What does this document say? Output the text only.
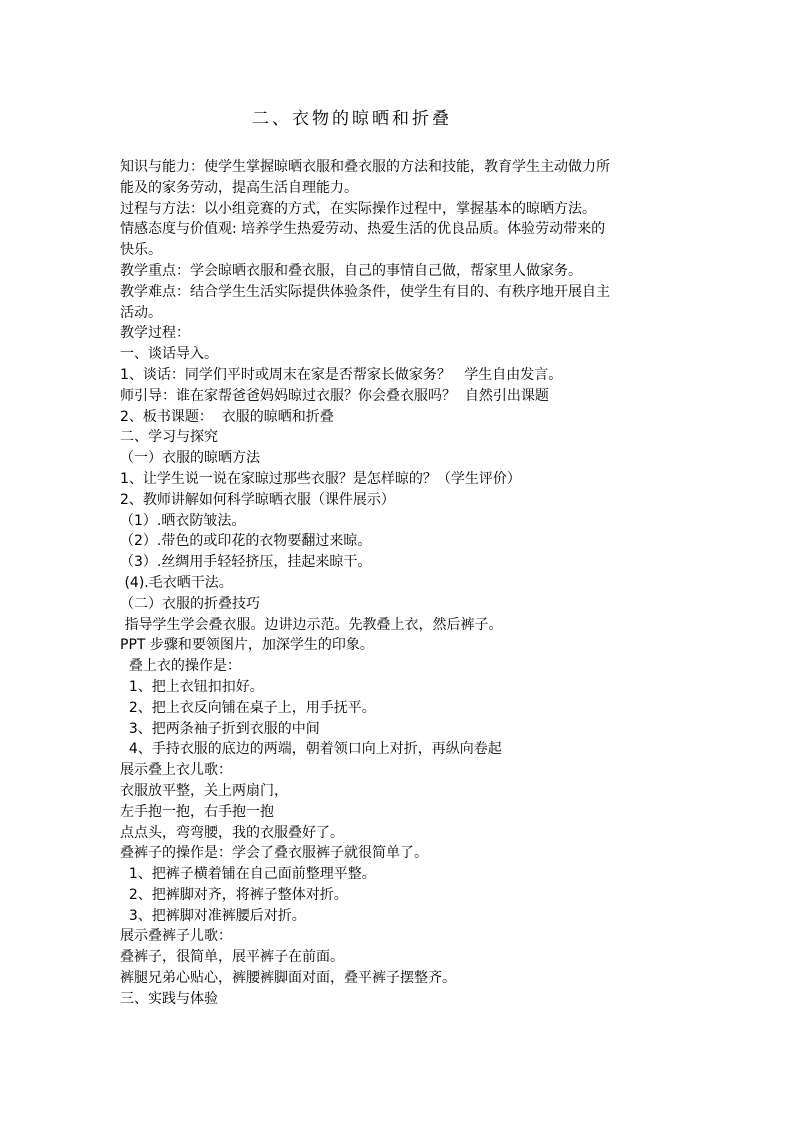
二、衣物的晾晒和折叠
知识与能力：使学生掌握晾晒衣服和叠衣服的方法和技能，教育学生主动做力所
能及的家务劳动，提高生活自理能力。
过程与方法：以小组竞赛的方式，在实际操作过程中，掌握基本的晾晒方法。
情感态度与价值观: 培养学生热爱劳动、热爱生活的优良品质。体验劳动带来的
快乐。
教学重点：学会晾晒衣服和叠衣服，自己的事情自己做，帮家里人做家务。
教学难点：结合学生生活实际提供体验条件，使学生有目的、有秩序地开展自主
活动。
教学过程：
一、谈话导入。
1、谈话：同学们平时或周末在家是否帮家长做家务？   学生自由发言。
师引导：谁在家帮爸爸妈妈晾过衣服？你会叠衣服吗？  自然引出课题
2、板书课题：  衣服的晾晒和折叠
二、学习与探究
（一）衣服的晾晒方法
1、让学生说一说在家晾过那些衣服？是怎样晾的？（学生评价）
2、教师讲解如何科学晾晒衣服（课件展示）
（1）.晒衣防皱法。
（2）.带色的或印花的衣物要翻过来晾。
（3）.丝绸用手轻轻挤压，挂起来晾干。
(4).毛衣晒干法。
（二）衣服的折叠技巧
指导学生学会叠衣服。边讲边示范。先教叠上衣，然后裤子。
PPT 步骤和要领图片，加深学生的印象。
叠上衣的操作是：
1、把上衣钮扣扣好。
2、把上衣反向铺在桌子上，用手抚平。
3、把两条袖子折到衣服的中间
4、手持衣服的底边的两端，朝着领口向上对折，再纵向卷起
展示叠上衣儿歌：
衣服放平整，关上两扇门，
左手抱一抱，右手抱一抱
点点头，弯弯腰，我的衣服叠好了。
叠裤子的操作是：学会了叠衣服裤子就很简单了。
1、把裤子横着铺在自己面前整理平整。
2、把裤脚对齐，将裤子整体对折。
3、把裤脚对准裤腰后对折。
展示叠裤子儿歌：
叠裤子，很简单，展平裤子在前面。
裤腿兄弟心贴心，裤腰裤脚面对面，叠平裤子摆整齐。
三、实践与体验
